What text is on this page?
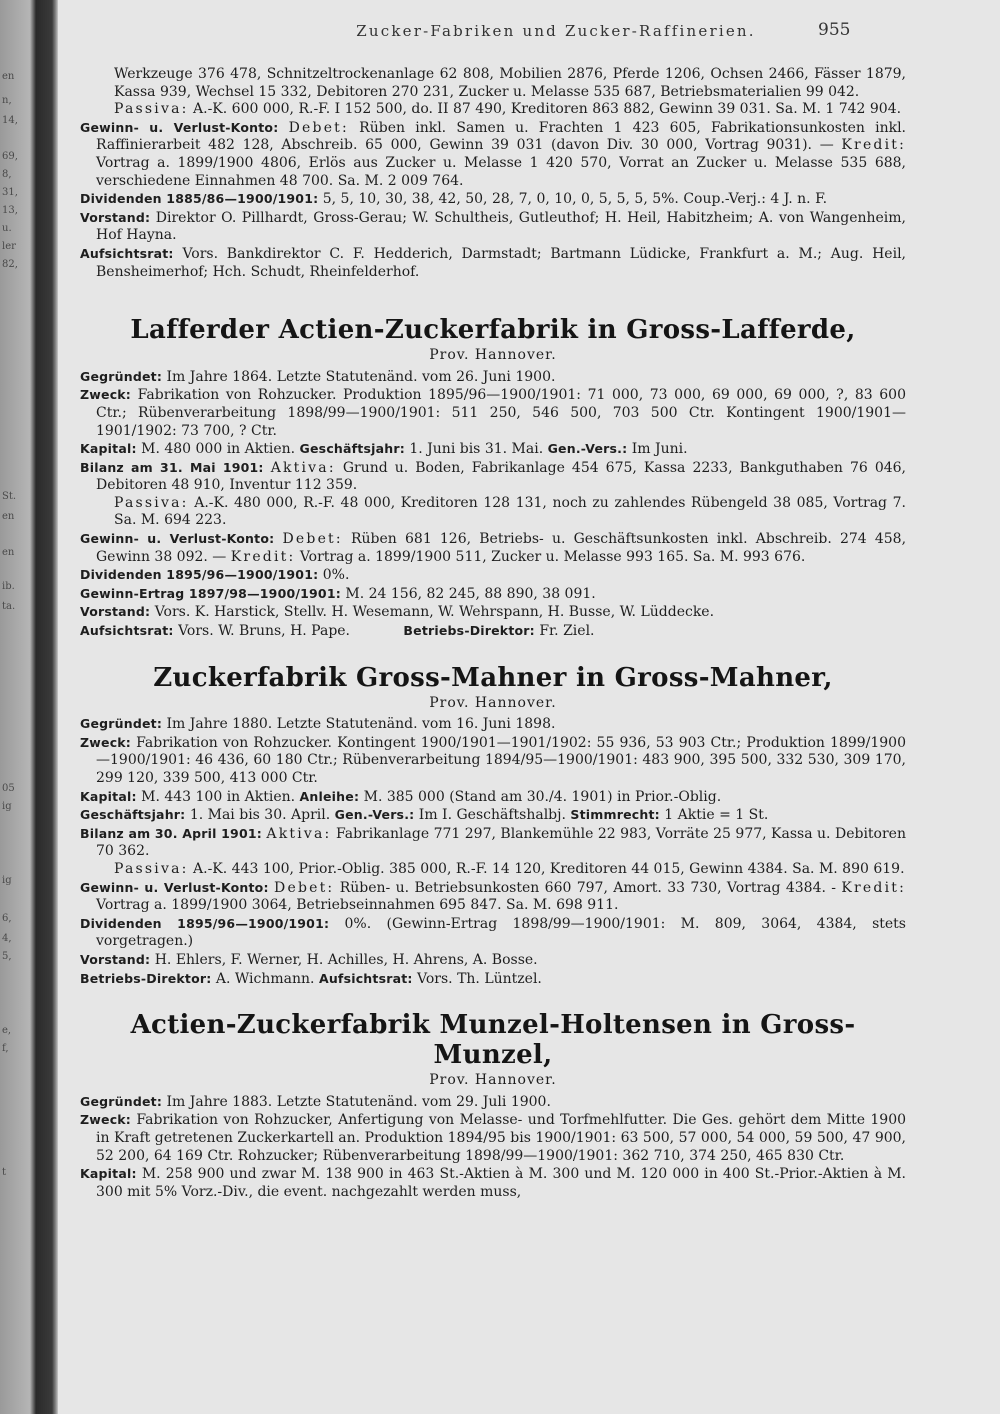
en
n,
14,
69,
8,
31,
13,
u.
ler
82,
St.
en
en
ib.
ta.
05
ig
ig
6,
4,
5,
e,
f,
t
Zucker-Fabriken und Zucker-Raffinerien.	955

Werkzeuge 376 478, Schnitzeltrockenanlage 62 808, Mobilien 2876, Pferde 1206, Ochsen 2466, Fässer 1879, Kassa 939, Wechsel 15 332, Debitoren 270 231, Zucker u. Melasse 535 687, Betriebsmaterialien 99 042.

Passiva: A.-K. 600 000, R.-F. I 152 500, do. II 87 490, Kreditoren 863 882, Gewinn 39 031. Sa. M. 1 742 904.

Gewinn- u. Verlust-Konto: Debet: Rüben inkl. Samen u. Frachten 1 423 605, Fabrikationsunkosten inkl. Raffinierarbeit 482 128, Abschreib. 65 000, Gewinn 39 031 (davon Div. 30 000, Vortrag 9031). — Kredit: Vortrag a. 1899/1900 4806, Erlös aus Zucker u. Melasse 1 420 570, Vorrat an Zucker u. Melasse 535 688, verschiedene Einnahmen 48 700. Sa. M. 2 009 764.

Dividenden 1885/86—1900/1901: 5, 5, 10, 30, 38, 42, 50, 28, 7, 0, 10, 0, 5, 5, 5, 5%. Coup.-Verj.: 4 J. n. F.

Vorstand: Direktor O. Pillhardt, Gross-Gerau; W. Schultheis, Gutleuthof; H. Heil, Habitzheim; A. von Wangenheim, Hof Hayna.

Aufsichtsrat: Vors. Bankdirektor C. F. Hedderich, Darmstadt; Bartmann Lüdicke, Frankfurt a. M.; Aug. Heil, Bensheimerhof; Hch. Schudt, Rheinfelderhof.

Lafferder Actien-Zuckerfabrik in Gross-Lafferde,
Prov. Hannover.

Gegründet: Im Jahre 1864. Letzte Statutenänd. vom 26. Juni 1900.

Zweck: Fabrikation von Rohzucker. Produktion 1895/96—1900/1901: 71 000, 73 000, 69 000, 69 000, ?, 83 600 Ctr.; Rübenverarbeitung 1898/99—1900/1901: 511 250, 546 500, 703 500 Ctr. Kontingent 1900/1901—1901/1902: 73 700, ? Ctr.

Kapital: M. 480 000 in Aktien. Geschäftsjahr: 1. Juni bis 31. Mai. Gen.-Vers.: Im Juni.

Bilanz am 31. Mai 1901: Aktiva: Grund u. Boden, Fabrikanlage 454 675, Kassa 2233, Bankguthaben 76 046, Debitoren 48 910, Inventur 112 359.

Passiva: A.-K. 480 000, R.-F. 48 000, Kreditoren 128 131, noch zu zahlendes Rübengeld 38 085, Vortrag 7. Sa. M. 694 223.

Gewinn- u. Verlust-Konto: Debet: Rüben 681 126, Betriebs- u. Geschäftsunkosten inkl. Abschreib. 274 458, Gewinn 38 092. — Kredit: Vortrag a. 1899/1900 511, Zucker u. Melasse 993 165. Sa. M. 993 676.

Dividenden 1895/96—1900/1901: 0%.

Gewinn-Ertrag 1897/98—1900/1901: M. 24 156, 82 245, 88 890, 38 091.

Vorstand: Vors. K. Harstick, Stellv. H. Wesemann, W. Wehrspann, H. Busse, W. Lüddecke.

Aufsichtsrat: Vors. W. Bruns, H. Pape.	Betriebs-Direktor: Fr. Ziel.

Zuckerfabrik Gross-Mahner in Gross-Mahner,
Prov. Hannover.

Gegründet: Im Jahre 1880. Letzte Statutenänd. vom 16. Juni 1898.

Zweck: Fabrikation von Rohzucker. Kontingent 1900/1901—1901/1902: 55 936, 53 903 Ctr.; Produktion 1899/1900—1900/1901: 46 436, 60 180 Ctr.; Rübenverarbeitung 1894/95—1900/1901: 483 900, 395 500, 332 530, 309 170, 299 120, 339 500, 413 000 Ctr.

Kapital: M. 443 100 in Aktien. Anleihe: M. 385 000 (Stand am 30./4. 1901) in Prior.-Oblig.

Geschäftsjahr: 1. Mai bis 30. April. Gen.-Vers.: Im I. Geschäftshalbj. Stimmrecht: 1 Aktie = 1 St.

Bilanz am 30. April 1901: Aktiva: Fabrikanlage 771 297, Blankemühle 22 983, Vorräte 25 977, Kassa u. Debitoren 70 362.

Passiva: A.-K. 443 100, Prior.-Oblig. 385 000, R.-F. 14 120, Kreditoren 44 015, Gewinn 4384. Sa. M. 890 619.

Gewinn- u. Verlust-Konto: Debet: Rüben- u. Betriebsunkosten 660 797, Amort. 33 730, Vortrag 4384. - Kredit: Vortrag a. 1899/1900 3064, Betriebseinnahmen 695 847. Sa. M. 698 911.

Dividenden 1895/96—1900/1901: 0%. (Gewinn-Ertrag 1898/99—1900/1901: M. 809, 3064, 4384, stets vorgetragen.)

Vorstand: H. Ehlers, F. Werner, H. Achilles, H. Ahrens, A. Bosse.

Betriebs-Direktor: A. Wichmann. Aufsichtsrat: Vors. Th. Lüntzel.

Actien-Zuckerfabrik Munzel-Holtensen in Gross-Munzel,
Prov. Hannover.

Gegründet: Im Jahre 1883. Letzte Statutenänd. vom 29. Juli 1900.

Zweck: Fabrikation von Rohzucker, Anfertigung von Melasse- und Torfmehlfutter. Die Ges. gehört dem Mitte 1900 in Kraft getretenen Zuckerkartell an. Produktion 1894/95 bis 1900/1901: 63 500, 57 000, 54 000, 59 500, 47 900, 52 200, 64 169 Ctr. Rohzucker; Rübenverarbeitung 1898/99—1900/1901: 362 710, 374 250, 465 830 Ctr.

Kapital: M. 258 900 und zwar M. 138 900 in 463 St.-Aktien à M. 300 und M. 120 000 in 400 St.-Prior.-Aktien à M. 300 mit 5% Vorz.-Div., die event. nachgezahlt werden muss,
